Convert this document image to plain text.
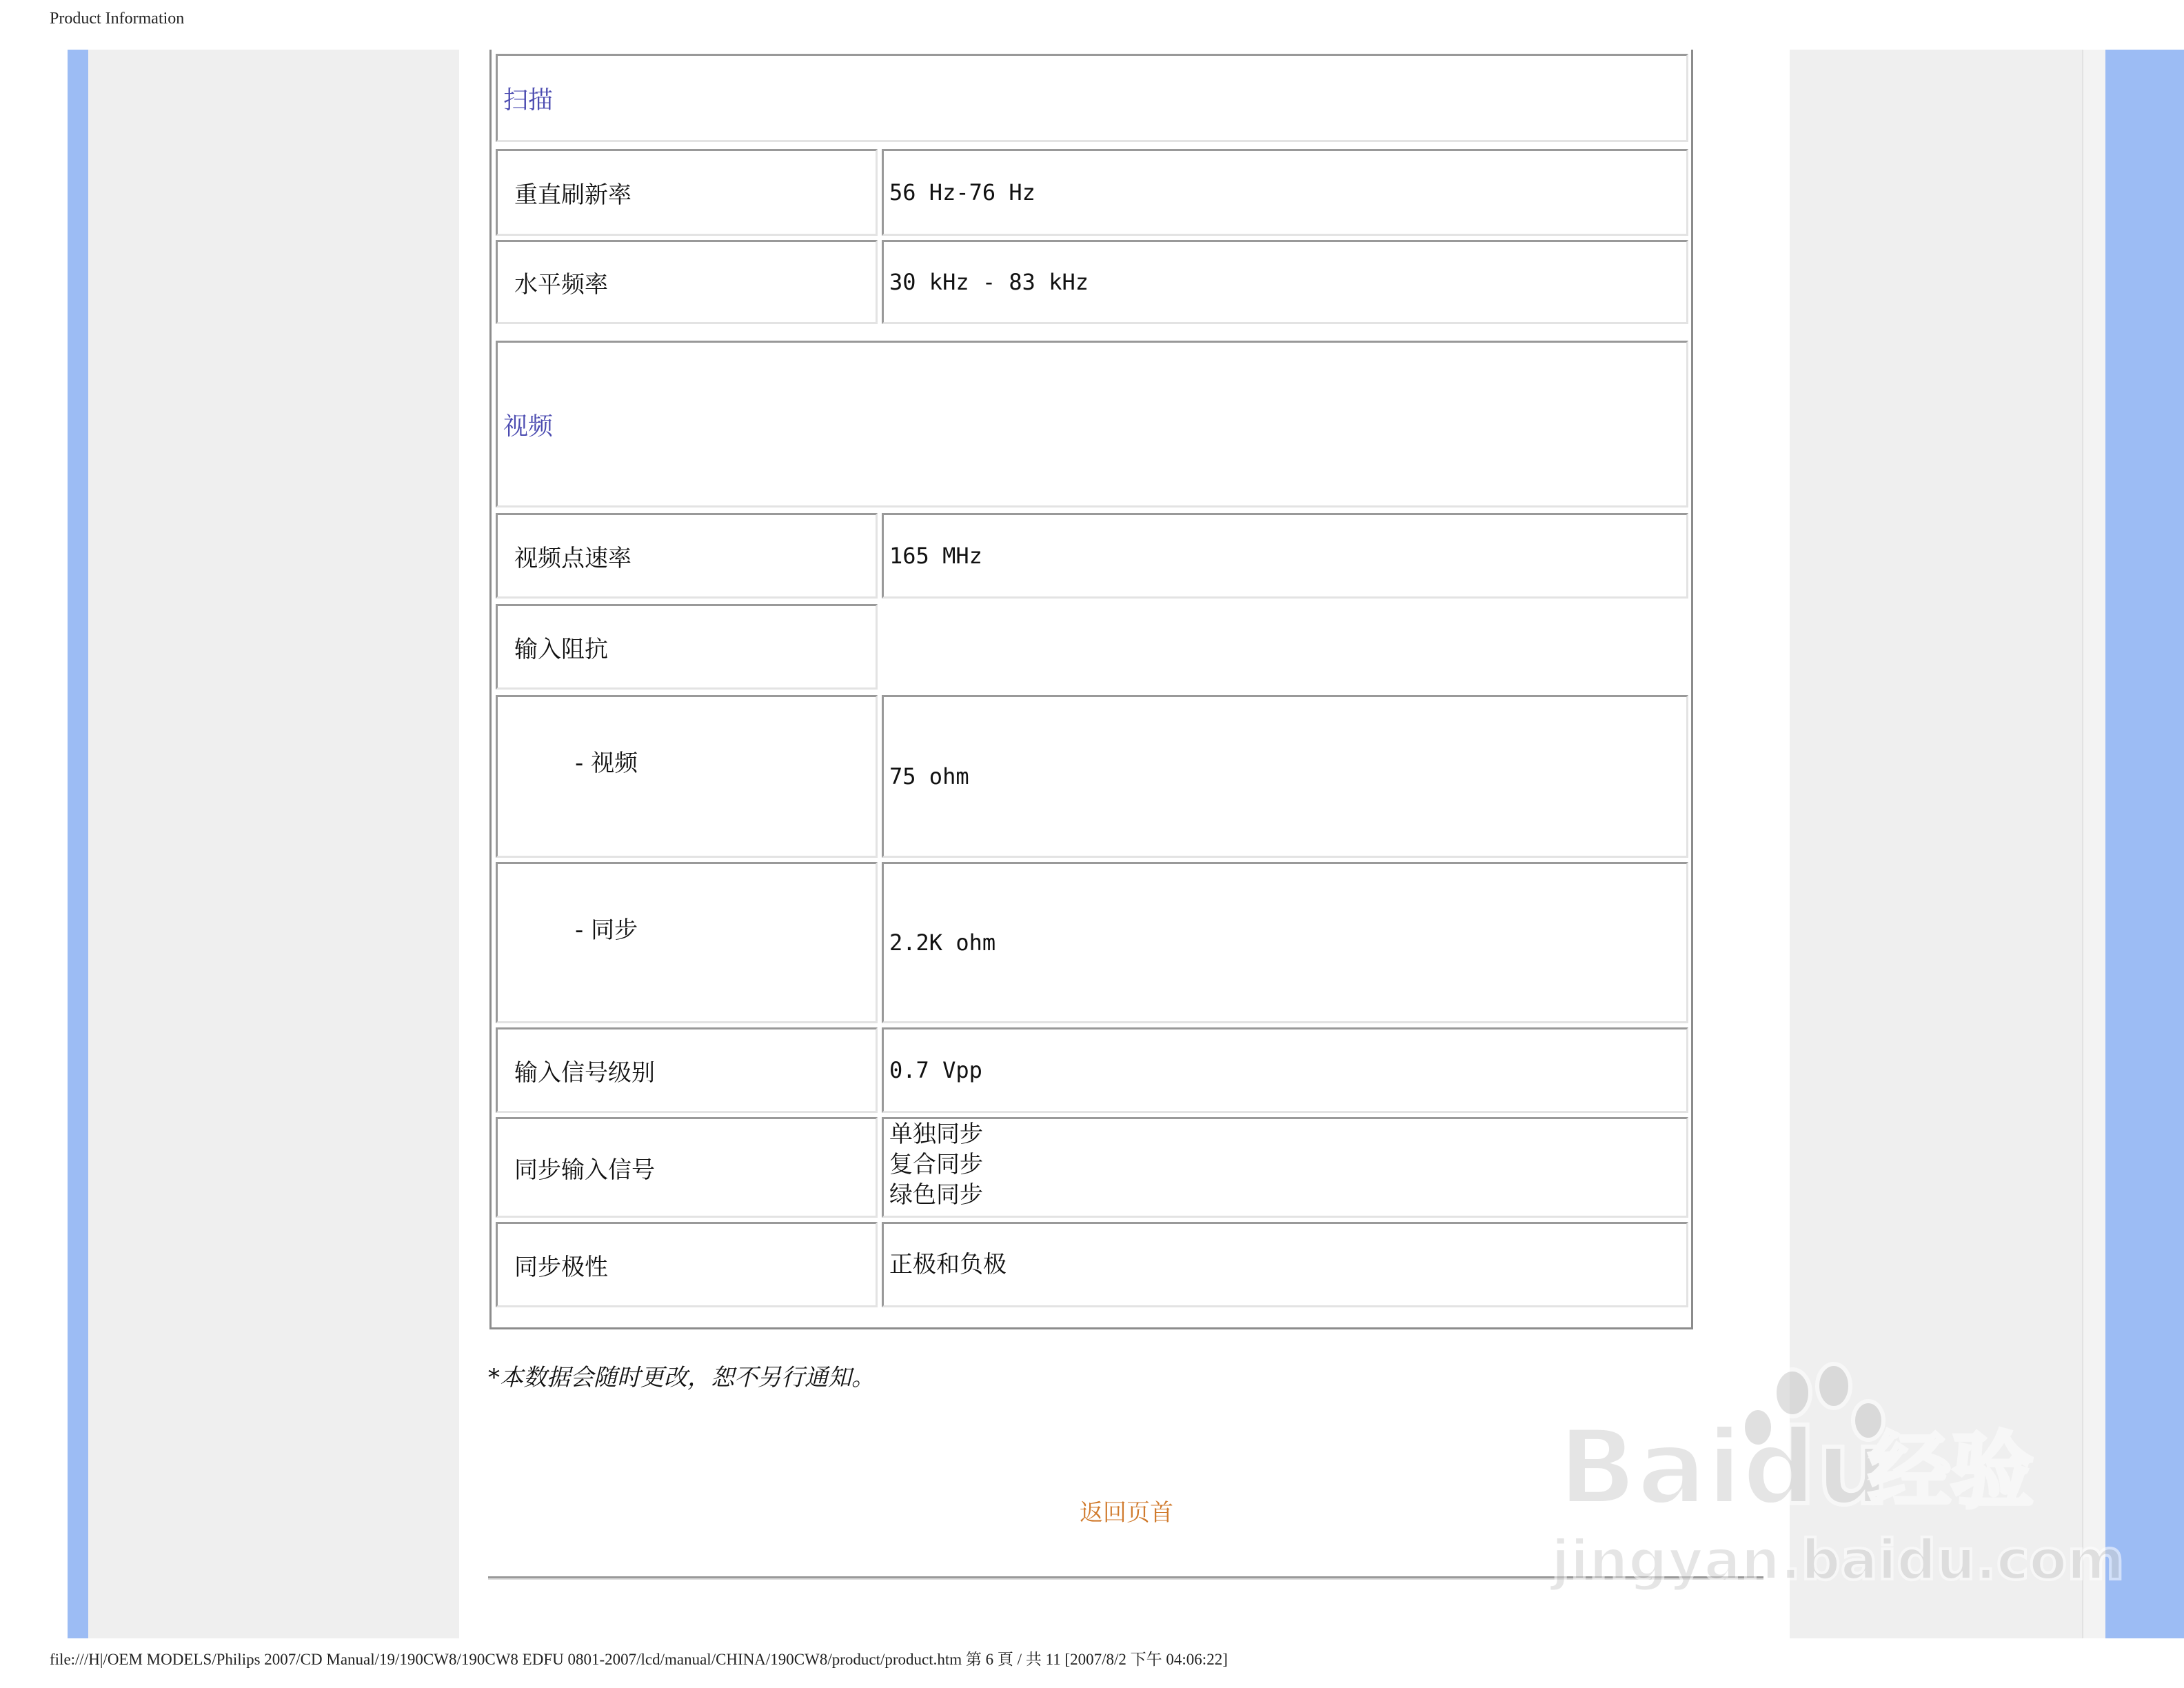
Product Information
扫描
重直刷新率	56 Hz-76 Hz
水平频率	30 kHz - 83 kHz
视频
视频点速率	165 MHz
输入阻抗
- 视频	75 ohm
- 同步	2.2K ohm
输入信号级别	0.7 Vpp
同步输入信号
单独同步
复合同步
绿色同步
同步极性	正极和负极
*本数据会随时更改，恕不另行通知。
返回页首	Baidu
经验
jingyan.baidu.com
file:///H|/OEM MODELS/Philips 2007/CD Manual/19/190CW8/190CW8 EDFU 0801-2007/lcd/manual/CHINA/190CW8/product/product.htm 第 6 頁 / 共 11 [2007/8/2 下午 04:06:22]
